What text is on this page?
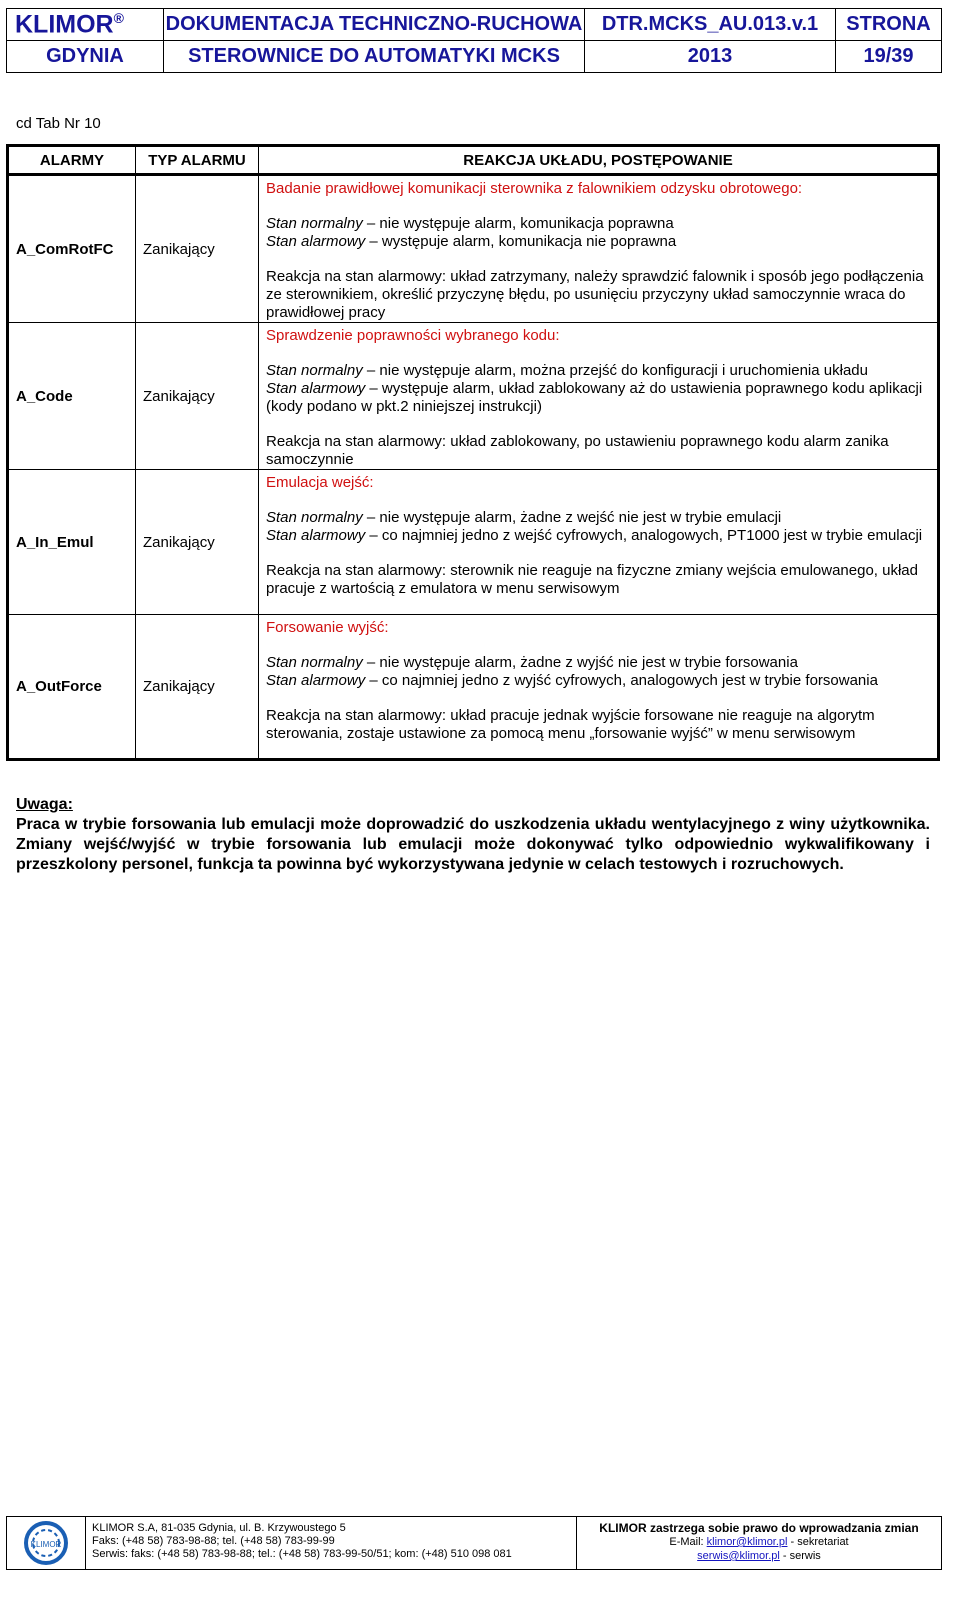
KLIMOR®	DOKUMENTACJA TECHNICZNO-RUCHOWA	DTR.MCKS_AU.013.v.1	STRONA
GDYNIA	STEROWNICE DO AUTOMATYKI MCKS	2013	19/39
cd Tab Nr 10
ALARMY	TYP ALARMU	REAKCJA UKŁADU, POSTĘPOWANIE
A_ComRotFC	Zanikający	Badanie prawidłowej komunikacji sterownika z falownikiem odzysku obrotowego:
Stan normalny – nie występuje alarm, komunikacja poprawna
Stan alarmowy – występuje alarm, komunikacja nie poprawna
Reakcja na stan alarmowy: układ zatrzymany, należy sprawdzić falownik i sposób jego podłączenia ze sterownikiem, określić przyczynę błędu, po usunięciu przyczyny układ samoczynnie wraca do prawidłowej pracy

A_Code	Zanikający	Sprawdzenie poprawności wybranego kodu:
Stan normalny – nie występuje alarm, można przejść do konfiguracji i uruchomienia układu
Stan alarmowy – występuje alarm, układ zablokowany aż do ustawienia poprawnego kodu aplikacji (kody podano w pkt.2 niniejszej instrukcji)
Reakcja na stan alarmowy: układ zablokowany, po ustawieniu poprawnego kodu alarm zanika samoczynnie

A_In_Emul	Zanikający	Emulacja wejść:
Stan normalny – nie występuje alarm, żadne z wejść nie jest w trybie emulacji
Stan alarmowy – co najmniej jedno z wejść cyfrowych, analogowych, PT1000 jest w trybie emulacji
Reakcja na stan alarmowy: sterownik nie reaguje na fizyczne zmiany wejścia emulowanego, układ pracuje z wartością z emulatora w menu serwisowym

A_OutForce	Zanikający	Forsowanie wyjść:
Stan normalny – nie występuje alarm, żadne z wyjść nie jest w trybie forsowania
Stan alarmowy – co najmniej jedno z wyjść cyfrowych, analogowych jest w trybie forsowania
Reakcja na stan alarmowy: układ pracuje jednak wyjście forsowane nie reaguje na algorytm sterowania, zostaje ustawione za pomocą menu „forsowanie wyjść” w menu serwisowym
Uwaga:
Praca w trybie forsowania lub emulacji może doprowadzić do uszkodzenia układu wentylacyjnego z winy użytkownika. Zmiany wejść/wyjść w trybie forsowania lub emulacji może dokonywać tylko odpowiednio wykwalifikowany i przeszkolony personel, funkcja ta powinna być wykorzystywana jedynie w celach testowych i rozruchowych.
KLIMOR
KLIMOR S.A, 81-035 Gdynia, ul. B. Krzywoustego 5
Faks: (+48 58) 783-98-88; tel. (+48 58) 783-99-99
Serwis: faks: (+48 58) 783-98-88; tel.: (+48 58) 783-99-50/51; kom: (+48) 510 098 081
KLIMOR zastrzega sobie prawo do wprowadzania zmian
E-Mail: klimor@klimor.pl - sekretariat
serwis@klimor.pl - serwis
